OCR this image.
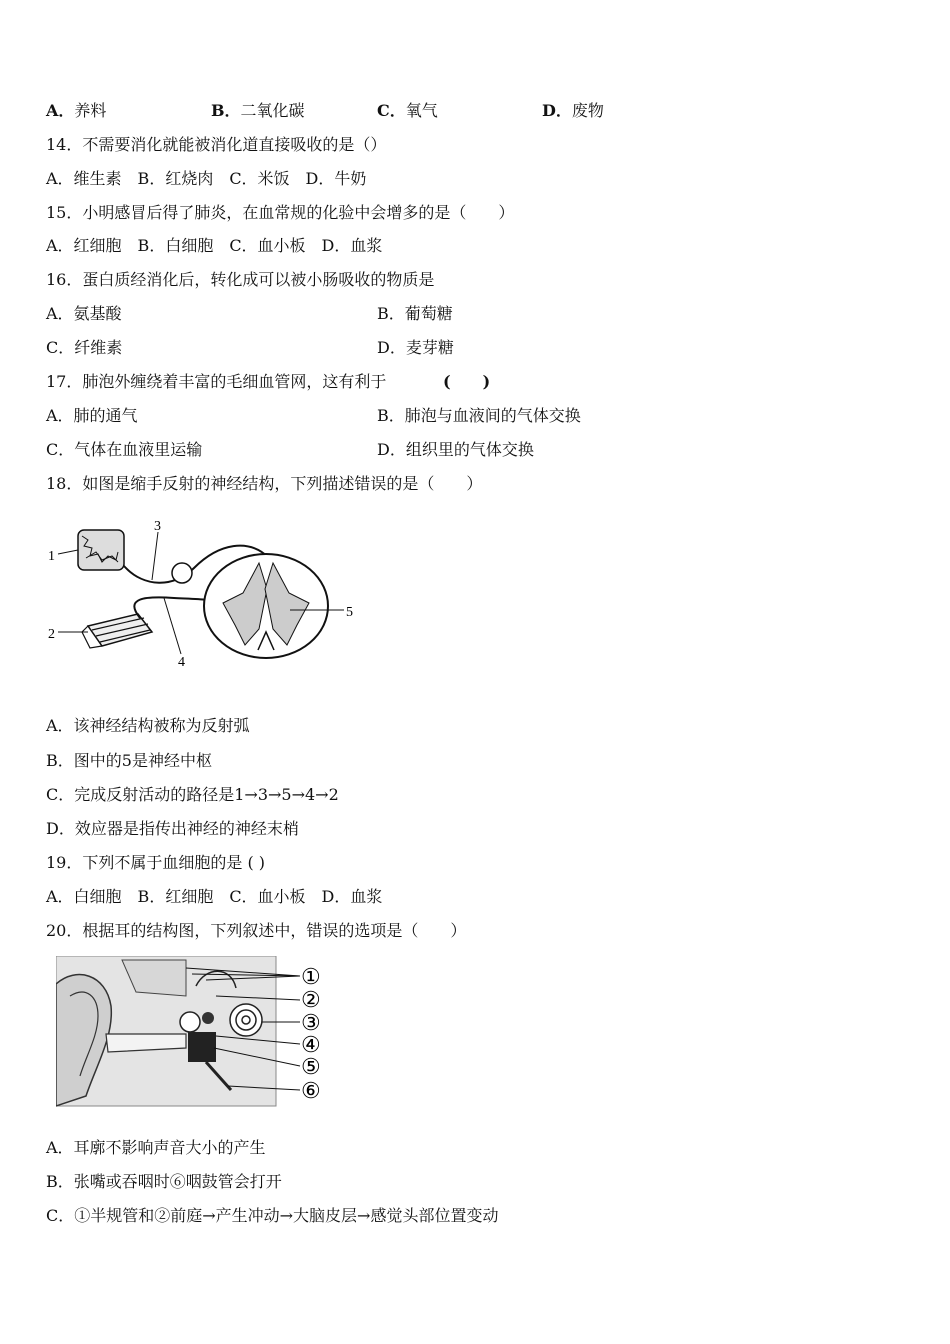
A．养料	B．二氧化碳	C．氧气	D．废物
14．不需要消化就能被消化道直接吸收的是（）
A．维生素　B．红烧肉　C．米饭　D．牛奶
15．小明感冒后得了肺炎，在血常规的化验中会增多的是（　　）
A．红细胞　B．白细胞　C．血小板　D．血浆
16．蛋白质经消化后，转化成可以被小肠吸收的物质是
A．氨基酸	B．葡萄糖
C．纤维素	D．麦芽糖
17．肺泡外缠绕着丰富的毛细血管网，这有利于	(　　)
A．肺的通气	B．肺泡与血液间的气体交换
C．气体在血液里运输	D．组织里的气体交换
18．如图是缩手反射的神经结构，下列描述错误的是（　　）
1
2
3
4
5
A．该神经结构被称为反射弧
B．图中的5是神经中枢
C．完成反射活动的路径是1→3→5→4→2
D．效应器是指传出神经的神经末梢
19．下列不属于血细胞的是 ( )
A．白细胞　B．红细胞　C．血小板　D．血浆
20．根据耳的结构图，下列叙述中，错误的选项是（　　）
①
②
③
④
⑤
⑥
A．耳廓不影响声音大小的产生
B．张嘴或吞咽时⑥咽鼓管会打开
C．①半规管和②前庭→产生冲动→大脑皮层→感觉头部位置变动
